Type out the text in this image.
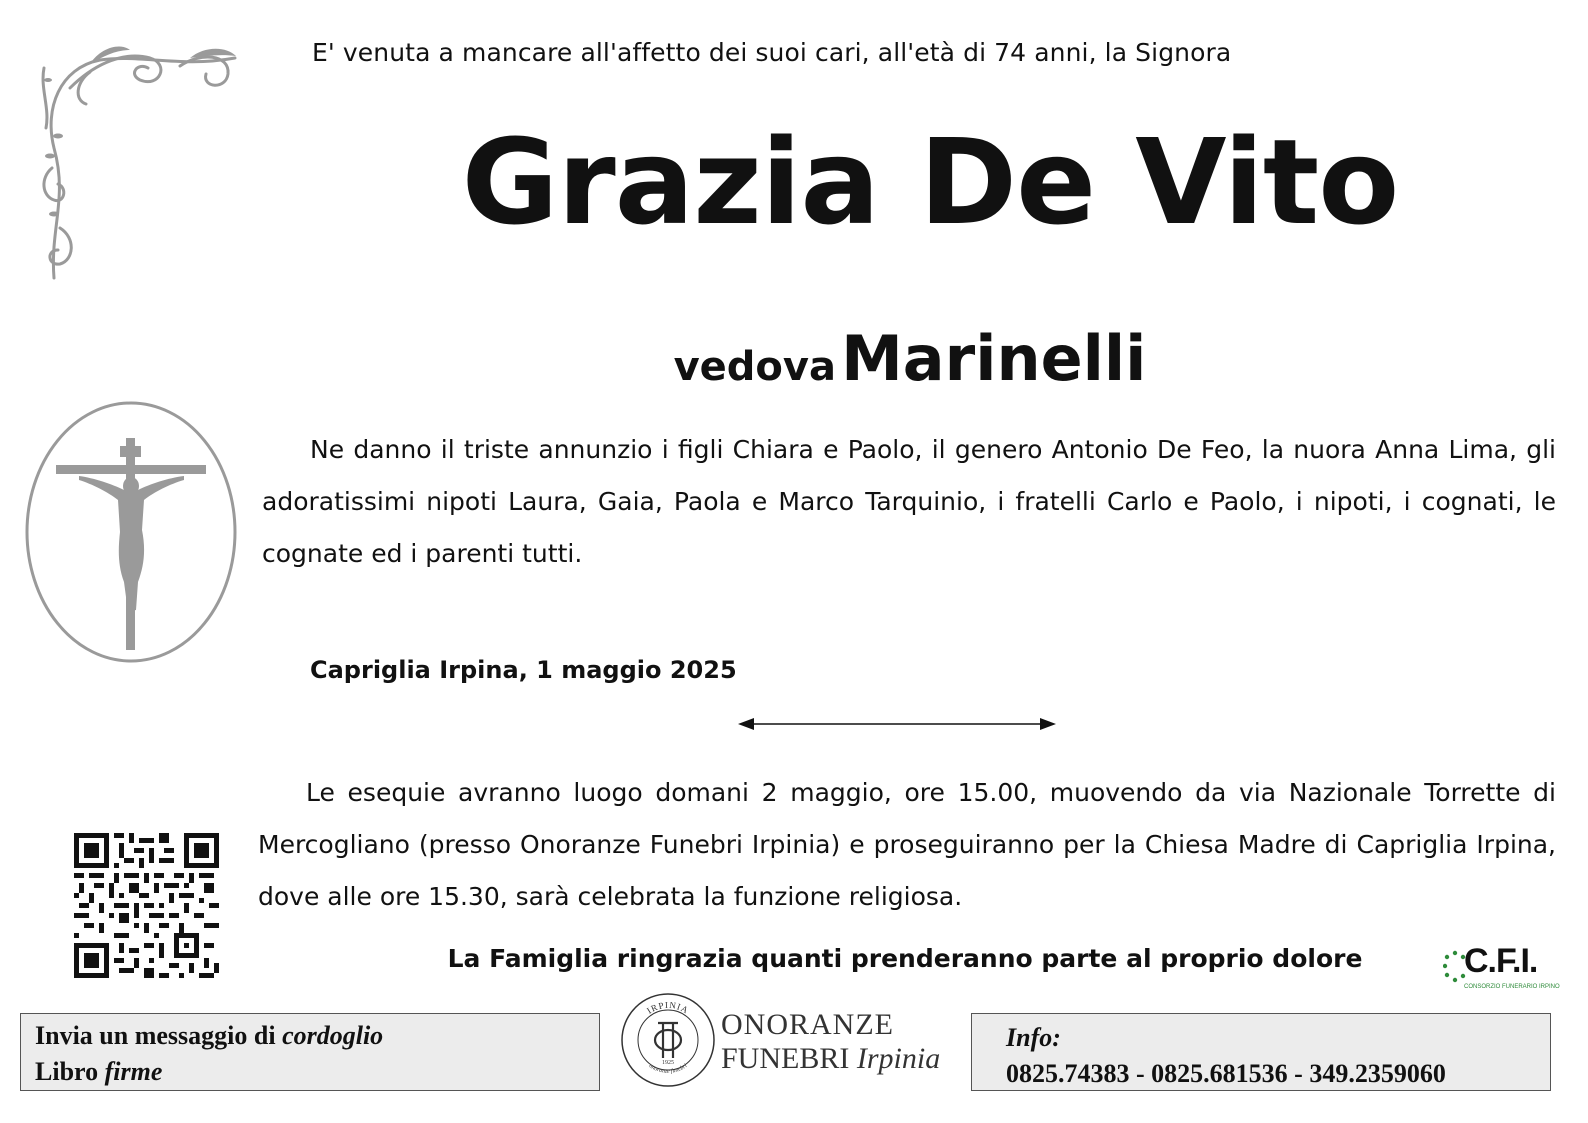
E' venuta a mancare all'affetto dei suoi cari, all'età di 74 anni, la Signora
Grazia De Vito
vedova Marinelli
Ne danno il triste annunzio i figli Chiara e Paolo, il genero Antonio De Feo, la nuora Anna Lima, gli adoratissimi nipoti Laura, Gaia, Paola e Marco Tarquinio, i fratelli Carlo e Paolo, i nipoti, i cognati, le cognate ed i parenti tutti.
Capriglia Irpina, 1 maggio 2025
Le esequie avranno luogo domani 2 maggio, ore 15.00, muovendo da via Nazionale Torrette di Mercogliano (presso Onoranze Funebri Irpinia) e proseguiranno per la Chiesa Madre di Capriglia Irpina, dove alle ore 15.30, sarà celebrata la funzione religiosa.
La Famiglia ringrazia quanti prenderanno parte al proprio dolore	C.F.I.
CONSORZIO FUNERARIO IRPINO
Invia un messaggio di cordoglio
Libro firme
IRPINIA
onoranze funebri
1925
ONORANZE
FUNEBRI Irpinia
Info:
0825.74383 - 0825.681536 - 349.2359060
